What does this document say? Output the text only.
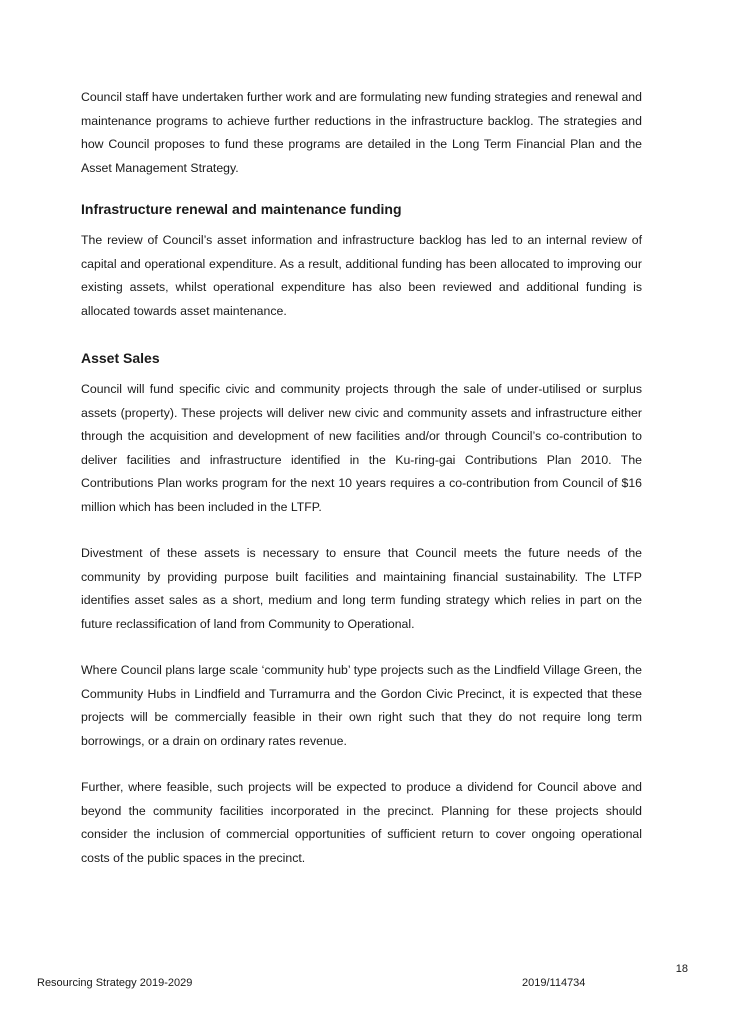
Council staff have undertaken further work and are formulating new funding strategies and renewal and maintenance programs to achieve further reductions in the infrastructure backlog. The strategies and how Council proposes to fund these programs are detailed in the Long Term Financial Plan and the Asset Management Strategy.

Infrastructure renewal and maintenance funding

The review of Council’s asset information and infrastructure backlog has led to an internal review of capital and operational expenditure. As a result, additional funding has been allocated to improving our existing assets, whilst operational expenditure has also been reviewed and additional funding is allocated towards asset maintenance.

Asset Sales

Council will fund specific civic and community projects through the sale of under-utilised or surplus assets (property). These projects will deliver new civic and community assets and infrastructure either through the acquisition and development of new facilities and/or through Council’s co-contribution to deliver facilities and infrastructure identified in the Ku-ring-gai Contributions Plan 2010. The Contributions Plan works program for the next 10 years requires a co-contribution from Council of $16 million which has been included in the LTFP.

Divestment of these assets is necessary to ensure that Council meets the future needs of the community by providing purpose built facilities and maintaining financial sustainability. The LTFP identifies asset sales as a short, medium and long term funding strategy which relies in part on the future reclassification of land from Community to Operational.

Where Council plans large scale ‘community hub’ type projects such as the Lindfield Village Green, the Community Hubs in Lindfield and Turramurra and the Gordon Civic Precinct, it is expected that these projects will be commercially feasible in their own right such that they do not require long term borrowings, or a drain on ordinary rates revenue.

Further, where feasible, such projects will be expected to produce a dividend for Council above and beyond the community facilities incorporated in the precinct. Planning for these projects should consider the inclusion of commercial opportunities of sufficient return to cover ongoing operational costs of the public spaces in the precinct.

18
Resourcing Strategy 2019-2029	2019/114734
